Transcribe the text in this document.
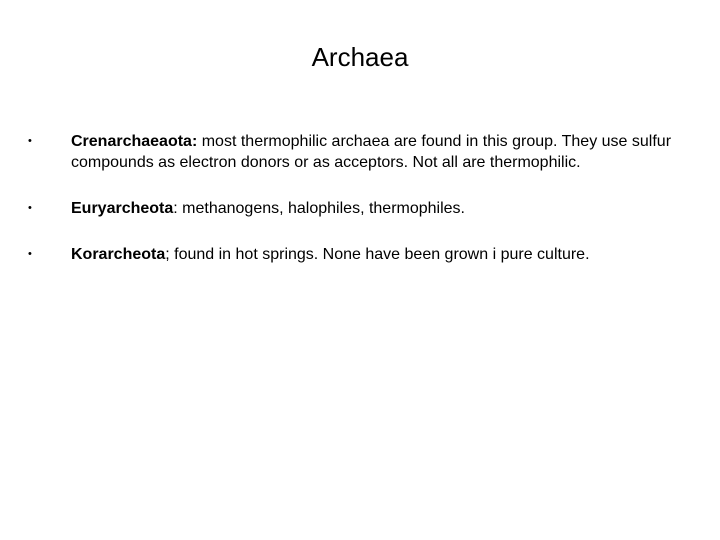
Archaea
•	Crenarchaeaota: most thermophilic archaea are found in this group. They use sulfur compounds as electron donors or as acceptors. Not all are thermophilic.
•	Euryarcheota: methanogens, halophiles, thermophiles.
•	Korarcheota; found in hot springs. None have been grown i pure culture.
